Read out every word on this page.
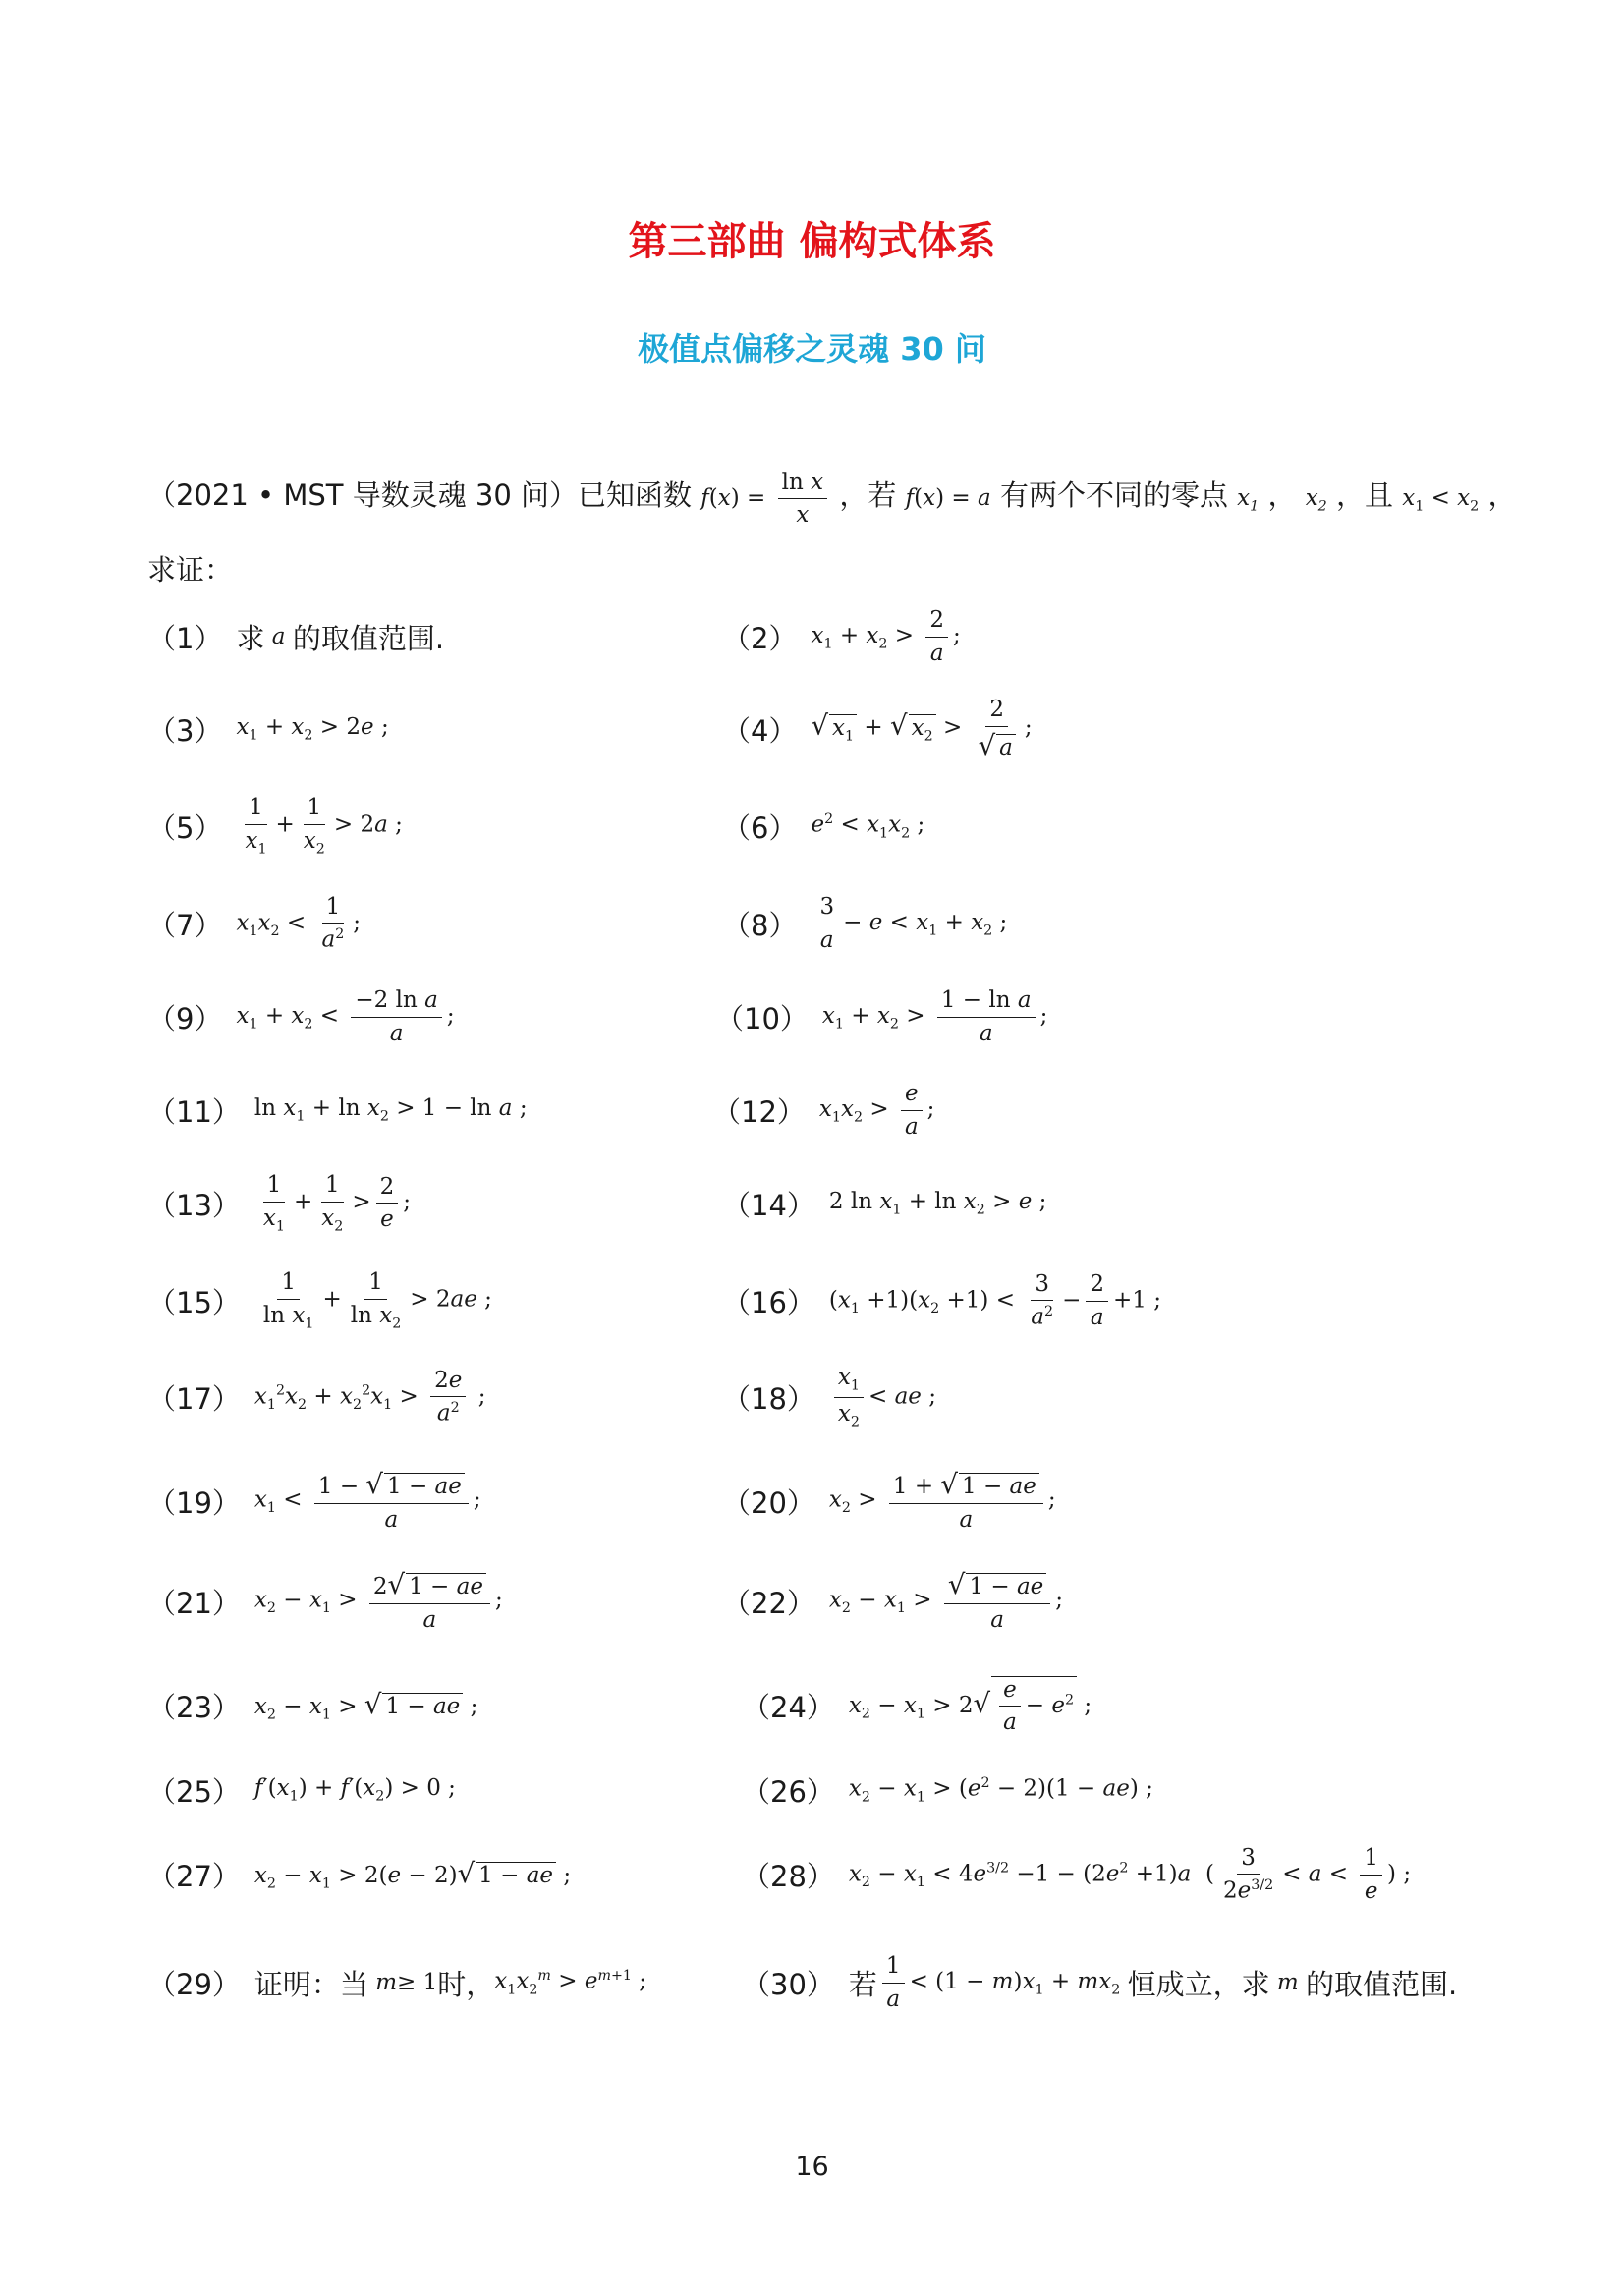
第三部曲 偏构式体系
极值点偏移之灵魂 30 问
（2021 • MST 导数灵魂 30 问）已知函数 $f(x) = \frac{\text{ln x}}{x}$ ，若 f(x) = a 有两个不同的零点 $x_1$ ， $x_2$ ，且 $x_1 < x_2$ ，
求证：
（1） 求 a 的取值范围.	（2） $x_1 + x_2 > \frac{2}{a}$ ;
（3） $x_1 + x_2 > 2e$ ;	（4） √ $x_1$ + √ $x_2 > \frac{2}{√ a}$ ;
$(5) \frac{1}{x_1} + \frac{1}{x_2} > 2a$ ;	（6） $e^2 < x_1x_2$ ;
（7） $x_1x_2 < \frac{1}{a^2}$ ;	$(8) \frac{3}{a} - e < x_1 + x_2$ ;
（9） $x_1 + x_2 < \frac{\text{−2 ln a}}{a}$ ;	（10） $x_1 + x_2 > \frac{\text{1 − ln a}}{a}$ ;
（11） $\ln x_1 + \ln x_2 > 1 - \ln a$ ;	（12） $x_1x_2 > \frac{e}{a}$ ;
$(13) \frac{1}{x_1} + \frac{1}{x_2} > \frac{2}{e}$ ;	（14） 2 $\ln x_1 + \ln x_2 > e$ ;
$(15) \frac{1}{\ln x_1} + \frac{1}{\ln x_2} > 2ae$ ;	（16） $(x_1 +1)(x_2 +1) < \frac{3}{a^2} - \frac{2}{a} +1$ ;
（17） $x_1^2x_2 + x_2^2x_1 > \frac{2e}{a^2}$ ;	$(18) \frac{x_1}{x_2}$ < ae ;
（19） $x_1 < \frac{1 - √ 1 - ae}{a}$ ;	（20） $x_2 > \frac{1 + √ 1 - ae}{a}$ ;
（21） $x_2 - x_1 > \frac{2√ 1 - ae}{a}$ ;	（22） $x_2 - x_1 > \frac{√ 1 - ae}{a}$ ;
（23） $x_2 - x_1$ > √ 1 − ae ;	（24） $x_2 - x_1 > 2√ \frac{e}{a} - e^2$ ;
（25） $f'(x_1) + f'(x_2) > 0$ ;	（26） $x_2 - x_1 > (e^2 - 2)(1 - ae)$ ;
（27） $x_2 - x_1 > 2(e - 2)√$ 1 − ae ;	（28） $x_2 - x_1 < 4e^{3/2} -1 - (2e^2 +1)a$  ( $\frac{3}{2e^{3/2}} < a < \frac{1}{e}$ ) ;
（29） 证明：当 m ≥ 1 时， $x_1x_2^m > e^{m+1}$ ;	（30） 若 $\frac{1}{a} < (1 - m)x_1 + mx_2$ 恒成立，求 m 的取值范围.
16
